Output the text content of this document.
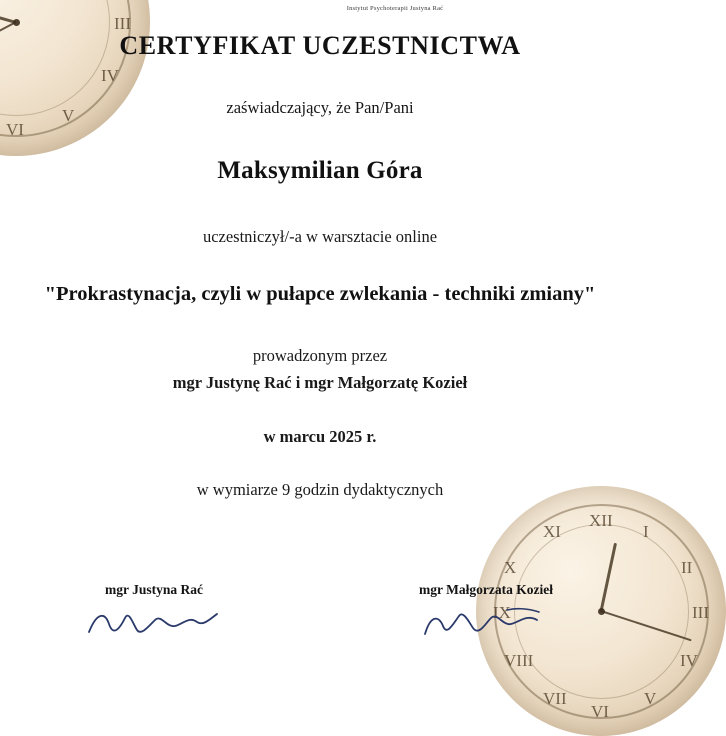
III
IV
V
VI
XII
I
II
III
IV
V
VI
VII
VIII
IX
X
XI
Instytut Psychoterapii Justyna Rać
CERTYFIKAT UCZESTNICTWA

zaświadczający, że Pan/Pani

Maksymilian Góra

uczestniczył/-a w warsztacie online

"Prokrastynacja, czyli w pułapce zwlekania - techniki zmiany"

prowadzonym przez

mgr Justynę Rać i mgr Małgorzatę Kozieł

w marcu 2025 r.

w wymiarze 9 godzin dydaktycznych

mgr Justyna Rać	mgr Małgorzata Kozieł
